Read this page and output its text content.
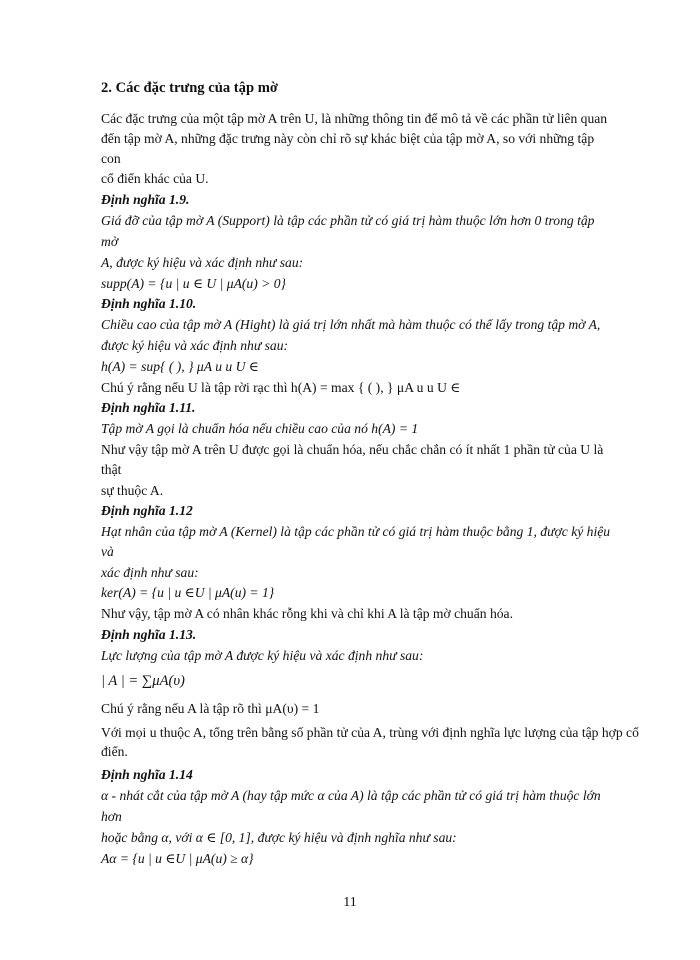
2. Các đặc trưng của tập mờ
Các đặc trưng của một tập mờ A trên U, là những thông tin để mô tả về các phần tử liên quan
đến tập mờ A, những đặc trưng này còn chỉ rõ sự khác biệt của tập mờ A, so với những tập
con
cổ điển khác của U.
Định nghĩa 1.9.
Giá đỡ của tập mờ A (Support) là tập các phần tử có giá trị hàm thuộc lớn hơn 0 trong tập
mờ
A, được ký hiệu và xác định như sau:
supp(A) = {u | u ∈ U | μA(u) > 0}
Định nghĩa 1.10.
Chiều cao của tập mờ A (Hight) là giá trị lớn nhất mà hàm thuộc có thể lấy trong tập mờ A,
được ký hiệu và xác định như sau:
h(A) = sup{ ( ), } μA u u U ∈
Chú ý rằng nếu U là tập rời rạc thì h(A) = max { ( ), } μA u u U ∈
Định nghĩa 1.11.
Tập mờ A gọi là chuẩn hóa nếu chiều cao của nó h(A) = 1
Như vậy tập mờ A trên U được gọi là chuẩn hóa, nếu chắc chắn có ít nhất 1 phần tử của U là
thật
sự thuộc A.
Định nghĩa 1.12
Hạt nhân của tập mờ A (Kernel) là tập các phần tử có giá trị hàm thuộc bằng 1, được ký hiệu
và
xác định như sau:
ker(A) = {u | u ∈U | μA(u) = 1}
Như vậy, tập mờ A có nhân khác rỗng khi và chỉ khi A là tập mờ chuẩn hóa.
Định nghĩa 1.13.
Lực lượng của tập mờ A được ký hiệu và xác định như sau:
| A | = ∑μA(υ)
Chú ý rằng nếu A là tập rõ thì μA(υ) = 1
Với mọi u thuộc A, tổng trên bằng số phần tử của A, trùng với định nghĩa lực lượng của tập hợp cổ
điển.
Định nghĩa 1.14
α - nhát cắt của tập mờ A (hay tập mức α của A) là tập các phần tử có giá trị hàm thuộc lớn
hơn
hoặc bằng α, với α ∈ [0, 1], được ký hiệu và định nghĩa như sau:
Aα = {u | u ∈U | μA(u) ≥ α}
11
